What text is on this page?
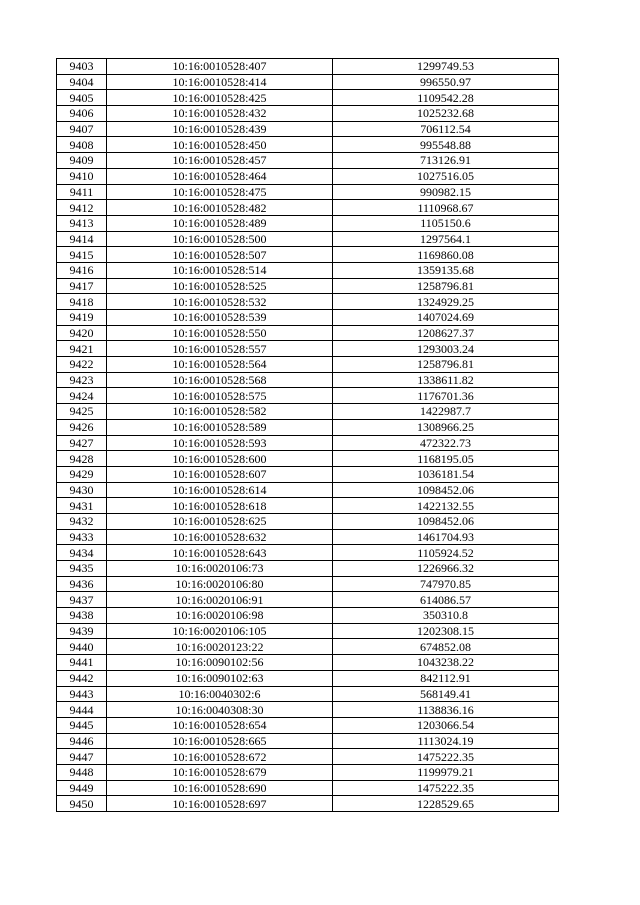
9403	10:16:0010528:407	1299749.53
9404	10:16:0010528:414	996550.97
9405	10:16:0010528:425	1109542.28
9406	10:16:0010528:432	1025232.68
9407	10:16:0010528:439	706112.54
9408	10:16:0010528:450	995548.88
9409	10:16:0010528:457	713126.91
9410	10:16:0010528:464	1027516.05
9411	10:16:0010528:475	990982.15
9412	10:16:0010528:482	1110968.67
9413	10:16:0010528:489	1105150.6
9414	10:16:0010528:500	1297564.1
9415	10:16:0010528:507	1169860.08
9416	10:16:0010528:514	1359135.68
9417	10:16:0010528:525	1258796.81
9418	10:16:0010528:532	1324929.25
9419	10:16:0010528:539	1407024.69
9420	10:16:0010528:550	1208627.37
9421	10:16:0010528:557	1293003.24
9422	10:16:0010528:564	1258796.81
9423	10:16:0010528:568	1338611.82
9424	10:16:0010528:575	1176701.36
9425	10:16:0010528:582	1422987.7
9426	10:16:0010528:589	1308966.25
9427	10:16:0010528:593	472322.73
9428	10:16:0010528:600	1168195.05
9429	10:16:0010528:607	1036181.54
9430	10:16:0010528:614	1098452.06
9431	10:16:0010528:618	1422132.55
9432	10:16:0010528:625	1098452.06
9433	10:16:0010528:632	1461704.93
9434	10:16:0010528:643	1105924.52
9435	10:16:0020106:73	1226966.32
9436	10:16:0020106:80	747970.85
9437	10:16:0020106:91	614086.57
9438	10:16:0020106:98	350310.8
9439	10:16:0020106:105	1202308.15
9440	10:16:0020123:22	674852.08
9441	10:16:0090102:56	1043238.22
9442	10:16:0090102:63	842112.91
9443	10:16:0040302:6	568149.41
9444	10:16:0040308:30	1138836.16
9445	10:16:0010528:654	1203066.54
9446	10:16:0010528:665	1113024.19
9447	10:16:0010528:672	1475222.35
9448	10:16:0010528:679	1199979.21
9449	10:16:0010528:690	1475222.35
9450	10:16:0010528:697	1228529.65
